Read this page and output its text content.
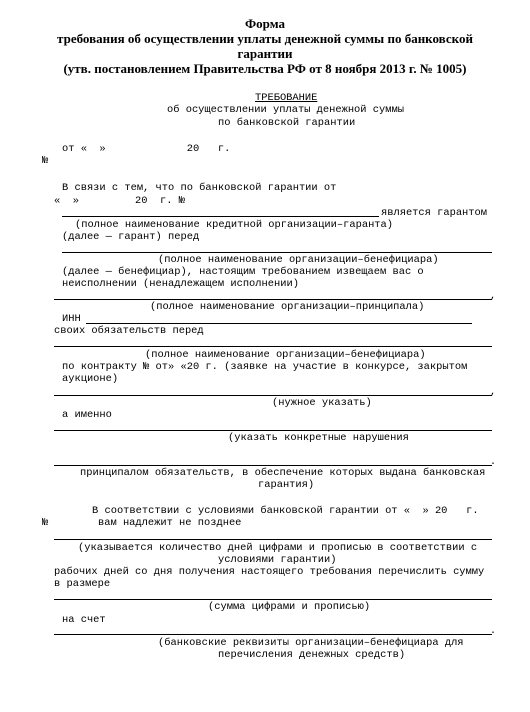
Форма
требования об осуществлении уплаты денежной суммы по банковской
гарантии
(утв. постановлением Правительства РФ от 8 ноября 2013 г. № 1005)
ТРЕБОВАНИЕ
об осуществлении уплаты денежной суммы
по банковской гарантии
от «  »             20   г.
№
В связи с тем, что по банковской гарантии от
«  »         20  г. №
является гарантом
(полное наименование кредитной организации–гаранта)
(далее — гарант) перед
(полное наименование организации–бенефициара)
(далее — бенефициар), настоящим требованием извещаем вас о
неисполнении (ненадлежащем исполнении)
,
(полное наименование организации–принципала)
ИНН
своих обязательств перед
(полное наименование организации–бенефициара)
по контракту № от» «20 г. (заявке на участие в конкурсе, закрытом
аукционе)
,
(нужное указать)
а именно
(указать конкретные нарушения
.
принципалом обязательств, в обеспечение которых выдана банковская
гарантия)
В соответствии с условиями банковской гарантии от «  » 20   г.
№	вам надлежит не позднее
(указывается количество дней цифрами и прописью в соответствии с
условиями гарантии)
рабочих дней со дня получения настоящего требования перечислить сумму
в размере
(сумма цифрами и прописью)
на счет
.
(банковские реквизиты организации–бенефициара для
перечисления денежных средств)
